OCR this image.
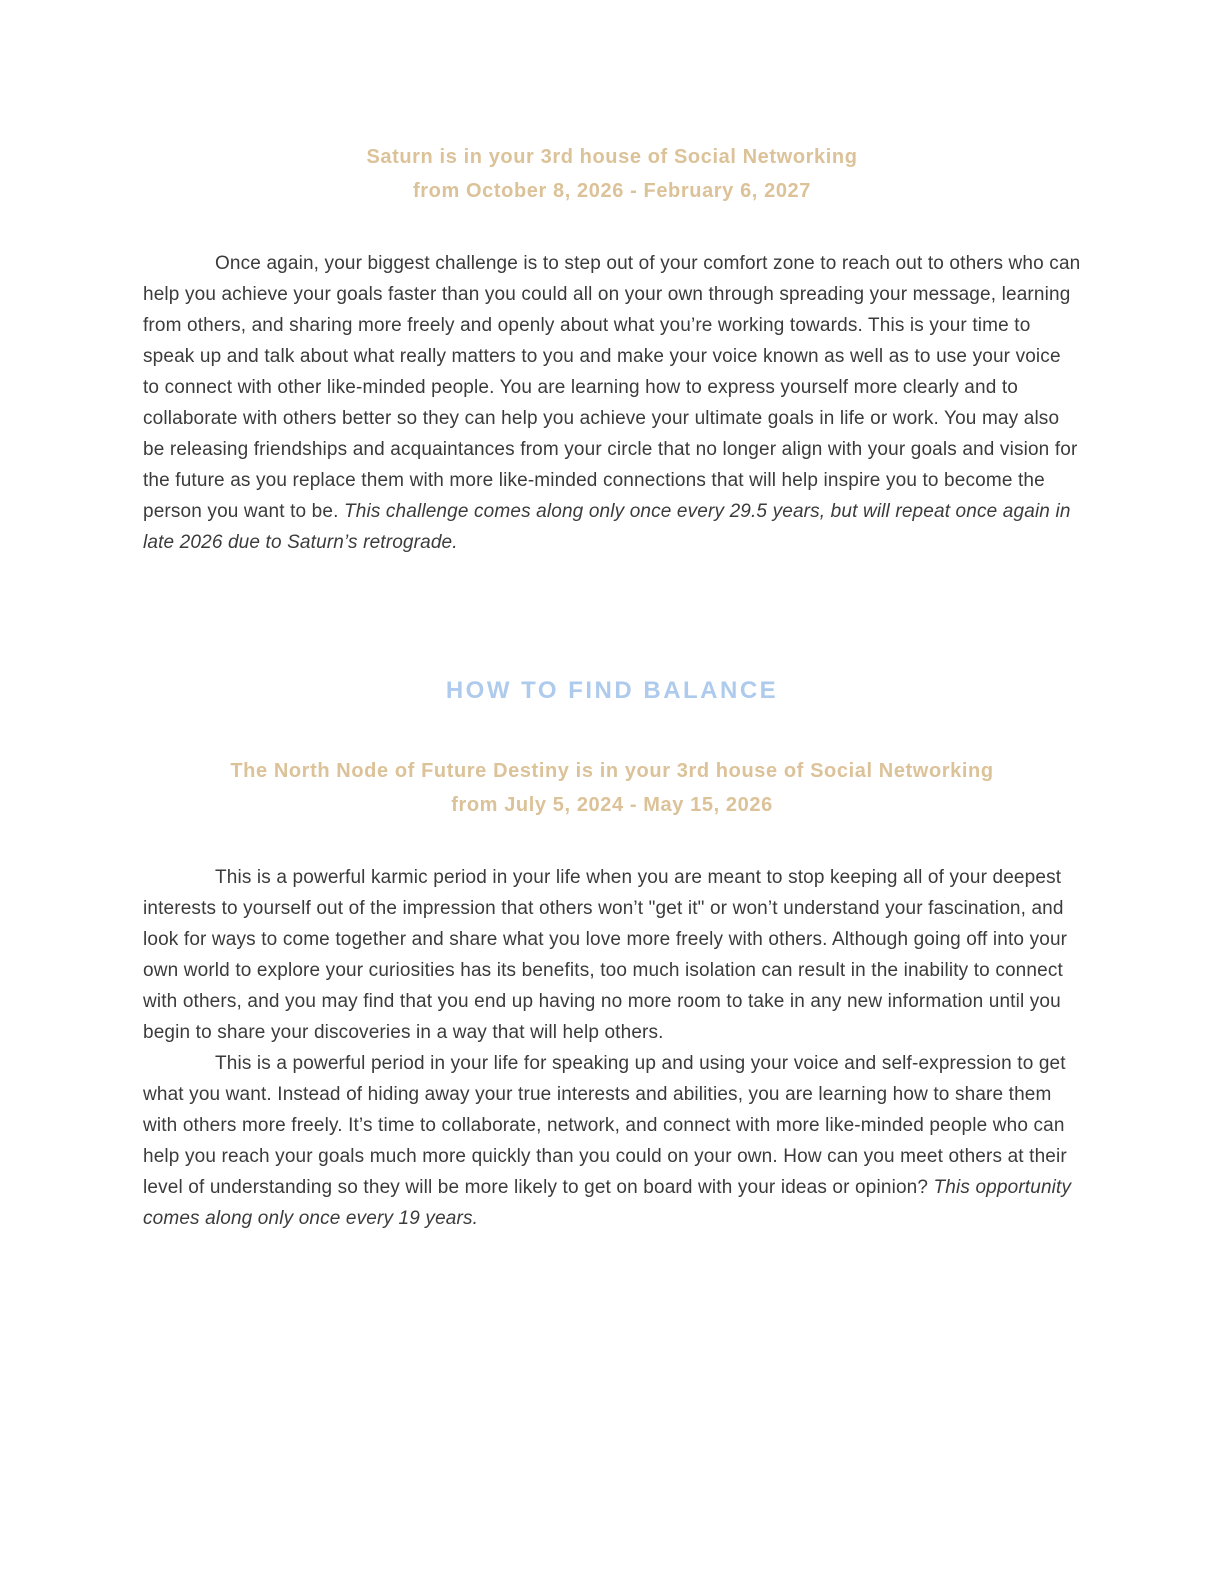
Saturn is in your 3rd house of Social Networking
from October 8, 2026 - February 6, 2027

Once again, your biggest challenge is to step out of your comfort zone to reach out to others who can help you achieve your goals faster than you could all on your own through spreading your message, learning from others, and sharing more freely and openly about what you’re working towards. This is your time to speak up and talk about what really matters to you and make your voice known as well as to use your voice to connect with other like-minded people. You are learning how to express yourself more clearly and to collaborate with others better so they can help you achieve your ultimate goals in life or work. You may also be releasing friendships and acquaintances from your circle that no longer align with your goals and vision for the future as you replace them with more like-minded connections that will help inspire you to become the person you want to be. This challenge comes along only once every 29.5 years, but will repeat once again in late 2026 due to Saturn’s retrograde.

HOW TO FIND BALANCE
The North Node of Future Destiny is in your 3rd house of Social Networking
from July 5, 2024 - May 15, 2026

This is a powerful karmic period in your life when you are meant to stop keeping all of your deepest interests to yourself out of the impression that others won’t "get it" or won’t understand your fascination, and look for ways to come together and share what you love more freely with others. Although going off into your own world to explore your curiosities has its benefits, too much isolation can result in the inability to connect with others, and you may find that you end up having no more room to take in any new information until you begin to share your discoveries in a way that will help others.

This is a powerful period in your life for speaking up and using your voice and self-expression to get what you want. Instead of hiding away your true interests and abilities, you are learning how to share them with others more freely. It’s time to collaborate, network, and connect with more like-minded people who can help you reach your goals much more quickly than you could on your own. How can you meet others at their level of understanding so they will be more likely to get on board with your ideas or opinion? This opportunity comes along only once every 19 years.
